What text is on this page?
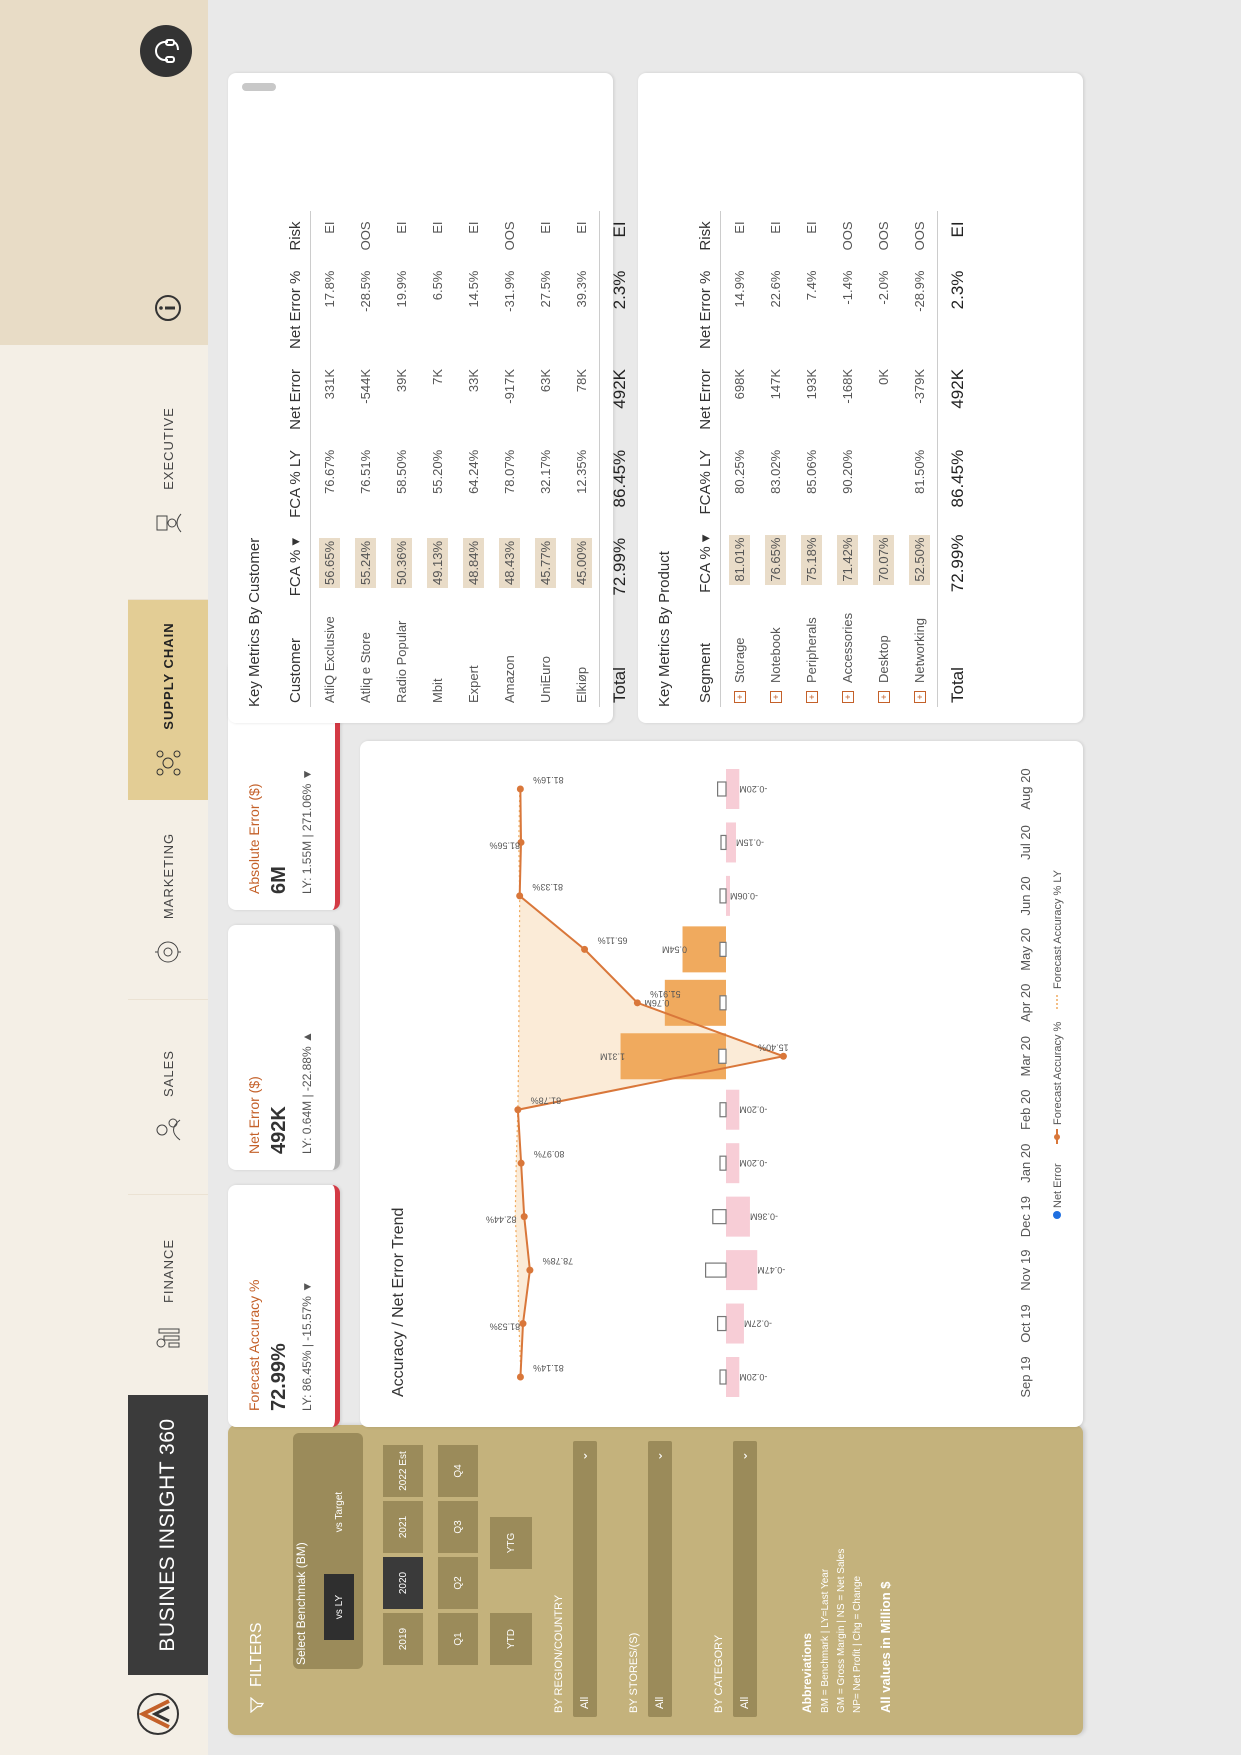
BUSINES INSIGHT 360
FINANCE
SALES
MARKETING
SUPPLY CHAIN
EXECUTIVE
FILTERS Select Benchmak (BM)	vs LY
vs Target
2019
2020
2021
2022 Est
Q1
Q2
Q3
Q4
YTD
YTG
BY REGION/COUNTRY All
⌄
BY STORES/(S) All
⌄
BY CATEGORY All
⌄
Abbreviations BM = Benchmark | LY=Last Year GM = Gross Margin | NS = Net Sales NP= Net Profit | Chg = Change All values in Million $
Forecast Accuracy % 72.99% LY: 86.45% | -15.57% ▼
Net Error ($) 492K LY: 0.64M | -22.88% ▲
Absolute Error ($) 6M LY: 1.55M | 271.06% ▼
Accuracy / Net Error Trend	-0.20M
-0.27M
-0.47M
-0.36M
-0.20M
-0.20M
1.31M
0.76M
0.54M
-0.06M
-0.15M
-0.20M
81.14%
78.78%
80.97%
81.78%
15.40%
51.91%
65.11%
81.33%
81.16%
81.53%
82.44%
81.56%
Sep 19
Oct 19
Nov 19
Dec 19
Jan 20
Feb 20
Mar 20
Apr 20
May 20
Jun 20
Jul 20
Aug 20
Net Error
Forecast Accuracy %
Forecast Accuracy % LY
Key Metrics By Customer Customer	FCA % ▾	FCA % LY	Net Error	Net Error %	Risk
AtliQ Exclusive	56.65%	76.67%	331K	17.8%	EI
Atliq e Store	55.24%	76.51%	-544K	-28.5%	OOS
Radio Popular	50.36%	58.50%	39K	19.9%	EI
Mbit	49.13%	55.20%	7K	6.5%	EI
Expert	48.84%	64.24%	33K	14.5%	EI
Amazon	48.43%	78.07%	-917K	-31.9%	OOS
UniEuro	45.77%	32.17%	63K	27.5%	EI
Elkiøp	45.00%	12.35%	78K	39.3%	EI
Total	72.99%	86.45%	492K	2.3%	EI
Key Metrics By Product Segment	FCA % ▾	FCA% LY	Net Error	Net Error %	Risk
+Storage	81.01%	80.25%	698K	14.9%	EI
+Notebook	76.65%	83.02%	147K	22.6%	EI
+Peripherals	75.18%	85.06%	193K	7.4%	EI
+Accessories	71.42%	90.20%	-168K	-1.4%	OOS
+Desktop	70.07%		0K	-2.0%	OOS
+Networking	52.50%	81.50%	-379K	-28.9%	OOS
Total	72.99%	86.45%	492K	2.3%	EI
